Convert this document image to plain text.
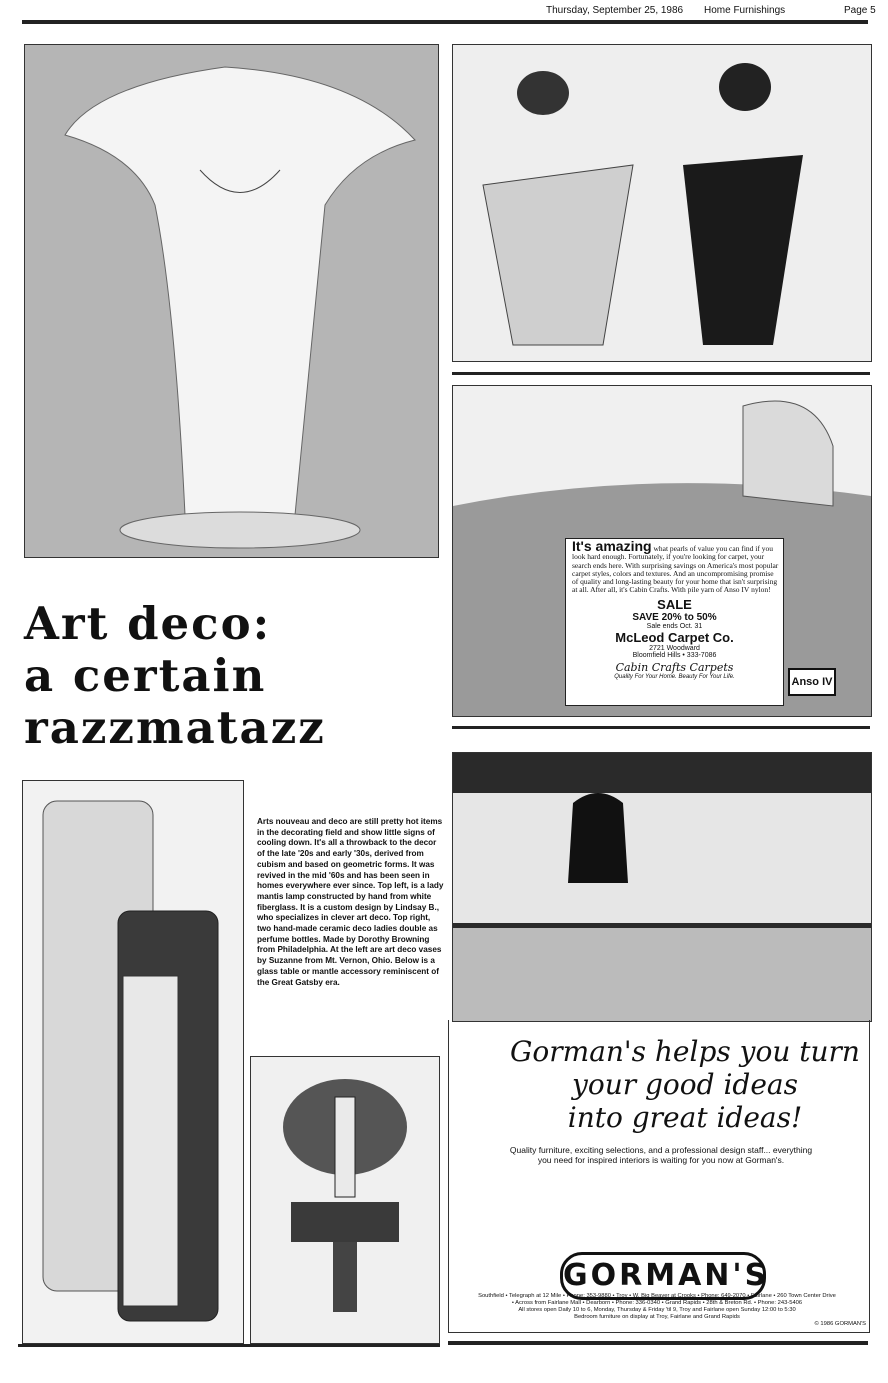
Thursday, September 25, 1986 Home Furnishings	Page 5
It's amazing what pearls of value you can find if you look hard enough. Fortunately, if you're looking for carpet, your search ends here. With surprising savings on America's most popular carpet styles, colors and textures. And an uncompromising promise of quality and long-lasting beauty for your home that isn't surprising at all. After all, it's Cabin Crafts. With pile yarn of Anso IV nylon!
SALE
SAVE 20% to 50%
Sale ends Oct. 31
McLeod Carpet Co.
2721 Woodward
Bloomfield Hills • 333-7086
Cabin Crafts Carpets
Quality For Your Home. Beauty For Your Life.	Anso IV
Art deco:
a certain
razzmatazz
Arts nouveau and deco are still pretty hot items in the decorating field and show little signs of cooling down. It's all a throwback to the decor of the late '20s and early '30s, derived from cubism and based on geometric forms. It was revived in the mid '60s and has been seen in homes everywhere ever since. Top left, is a lady mantis lamp constructed by hand from white fiberglass. It is a custom design by Lindsay B., who specializes in clever art deco. Top right, two hand-made ceramic deco ladies double as perfume bottles. Made by Dorothy Browning from Philadelphia. At the left are art deco vases by Suzanne from Mt. Vernon, Ohio. Below is a glass table or mantle accessory reminiscent of the Great Gatsby era.
Gorman's helps you turn
your good ideas
into great ideas!
Quality furniture, exciting selections, and a professional design staff... everything you need for inspired interiors is waiting for you now at Gorman's.
GORMAN'S
Southfield • Telegraph at 12 Mile • Phone: 353-9880 • Troy • W. Big Beaver at Crooks • Phone: 649-2070 • Fairlane • 260 Town Center Drive
• Across from Fairlane Mall • Dearborn • Phone: 336-0340 • Grand Rapids • 28th & Breton Rd. • Phone: 243-5406
All stores open Daily 10 to 6, Monday, Thursday & Friday 'til 9, Troy and Fairlane open Sunday 12:00 to 5:30
Bedroom furniture on display at Troy, Fairlane and Grand Rapids
© 1986 GORMAN'S
